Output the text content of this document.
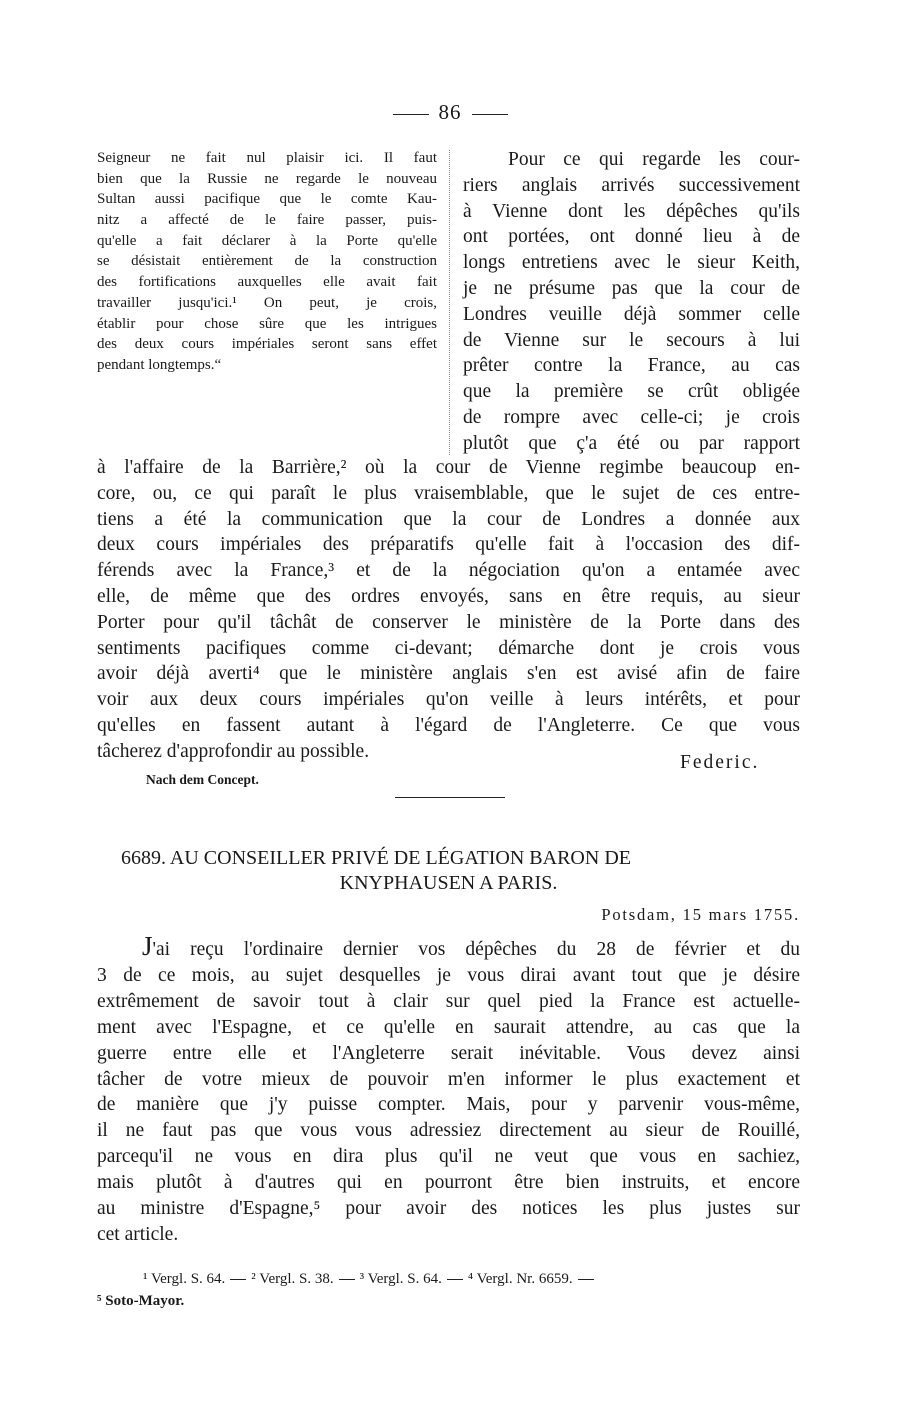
86
Seigneur ne fait nul plaisir ici. Il faut
bien que la Russie ne regarde le nouveau
Sultan aussi pacifique que le comte Kau-
nitz a affecté de le faire passer, puis-
qu'elle a fait déclarer à la Porte qu'elle
se désistait entièrement de la construction
des fortifications auxquelles elle avait fait
travailler jusqu'ici.¹ On peut, je crois,
établir pour chose sûre que les intrigues
des deux cours impériales seront sans effet
pendant longtemps.“
Pour ce qui regarde les cour-
riers anglais arrivés successivement
à Vienne dont les dépêches qu'ils
ont portées, ont donné lieu à de
longs entretiens avec le sieur Keith,
je ne présume pas que la cour de
Londres veuille déjà sommer celle
de Vienne sur le secours à lui
prêter contre la France, au cas
que la première se crût obligée
de rompre avec celle-ci; je crois
plutôt que ç'a été ou par rapport
à l'affaire de la Barrière,² où la cour de Vienne regimbe beaucoup en-
core, ou, ce qui paraît le plus vraisemblable, que le sujet de ces entre-
tiens a été la communication que la cour de Londres a donnée aux
deux cours impériales des préparatifs qu'elle fait à l'occasion des dif-
férends avec la France,³ et de la négociation qu'on a entamée avec
elle, de même que des ordres envoyés, sans en être requis, au sieur
Porter pour qu'il tâchât de conserver le ministère de la Porte dans des
sentiments pacifiques comme ci-devant; démarche dont je crois vous
avoir déjà averti⁴ que le ministère anglais s'en est avisé afin de faire
voir aux deux cours impériales qu'on veille à leurs intérêts, et pour
qu'elles en fassent autant à l'égard de l'Angleterre. Ce que vous
tâcherez d'approfondir au possible.
Federic.
Nach dem Concept.
6689. AU CONSEILLER PRIVÉ DE LÉGATION BARON DE
KNYPHAUSEN A PARIS.
Potsdam, 15 mars 1755.
J'ai reçu l'ordinaire dernier vos dépêches du 28 de février et du
3 de ce mois, au sujet desquelles je vous dirai avant tout que je désire
extrêmement de savoir tout à clair sur quel pied la France est actuelle-
ment avec l'Espagne, et ce qu'elle en saurait attendre, au cas que la
guerre entre elle et l'Angleterre serait inévitable. Vous devez ainsi
tâcher de votre mieux de pouvoir m'en informer le plus exactement et
de manière que j'y puisse compter. Mais, pour y parvenir vous-même,
il ne faut pas que vous vous adressiez directement au sieur de Rouillé,
parcequ'il ne vous en dira plus qu'il ne veut que vous en sachiez,
mais plutôt à d'autres qui en pourront être bien instruits, et encore
au ministre d'Espagne,⁵ pour avoir des notices les plus justes sur
cet article.
¹ Vergl. S. 64. ² Vergl. S. 38. ³ Vergl. S. 64. ⁴ Vergl. Nr. 6659.
⁵ Soto-Mayor.
